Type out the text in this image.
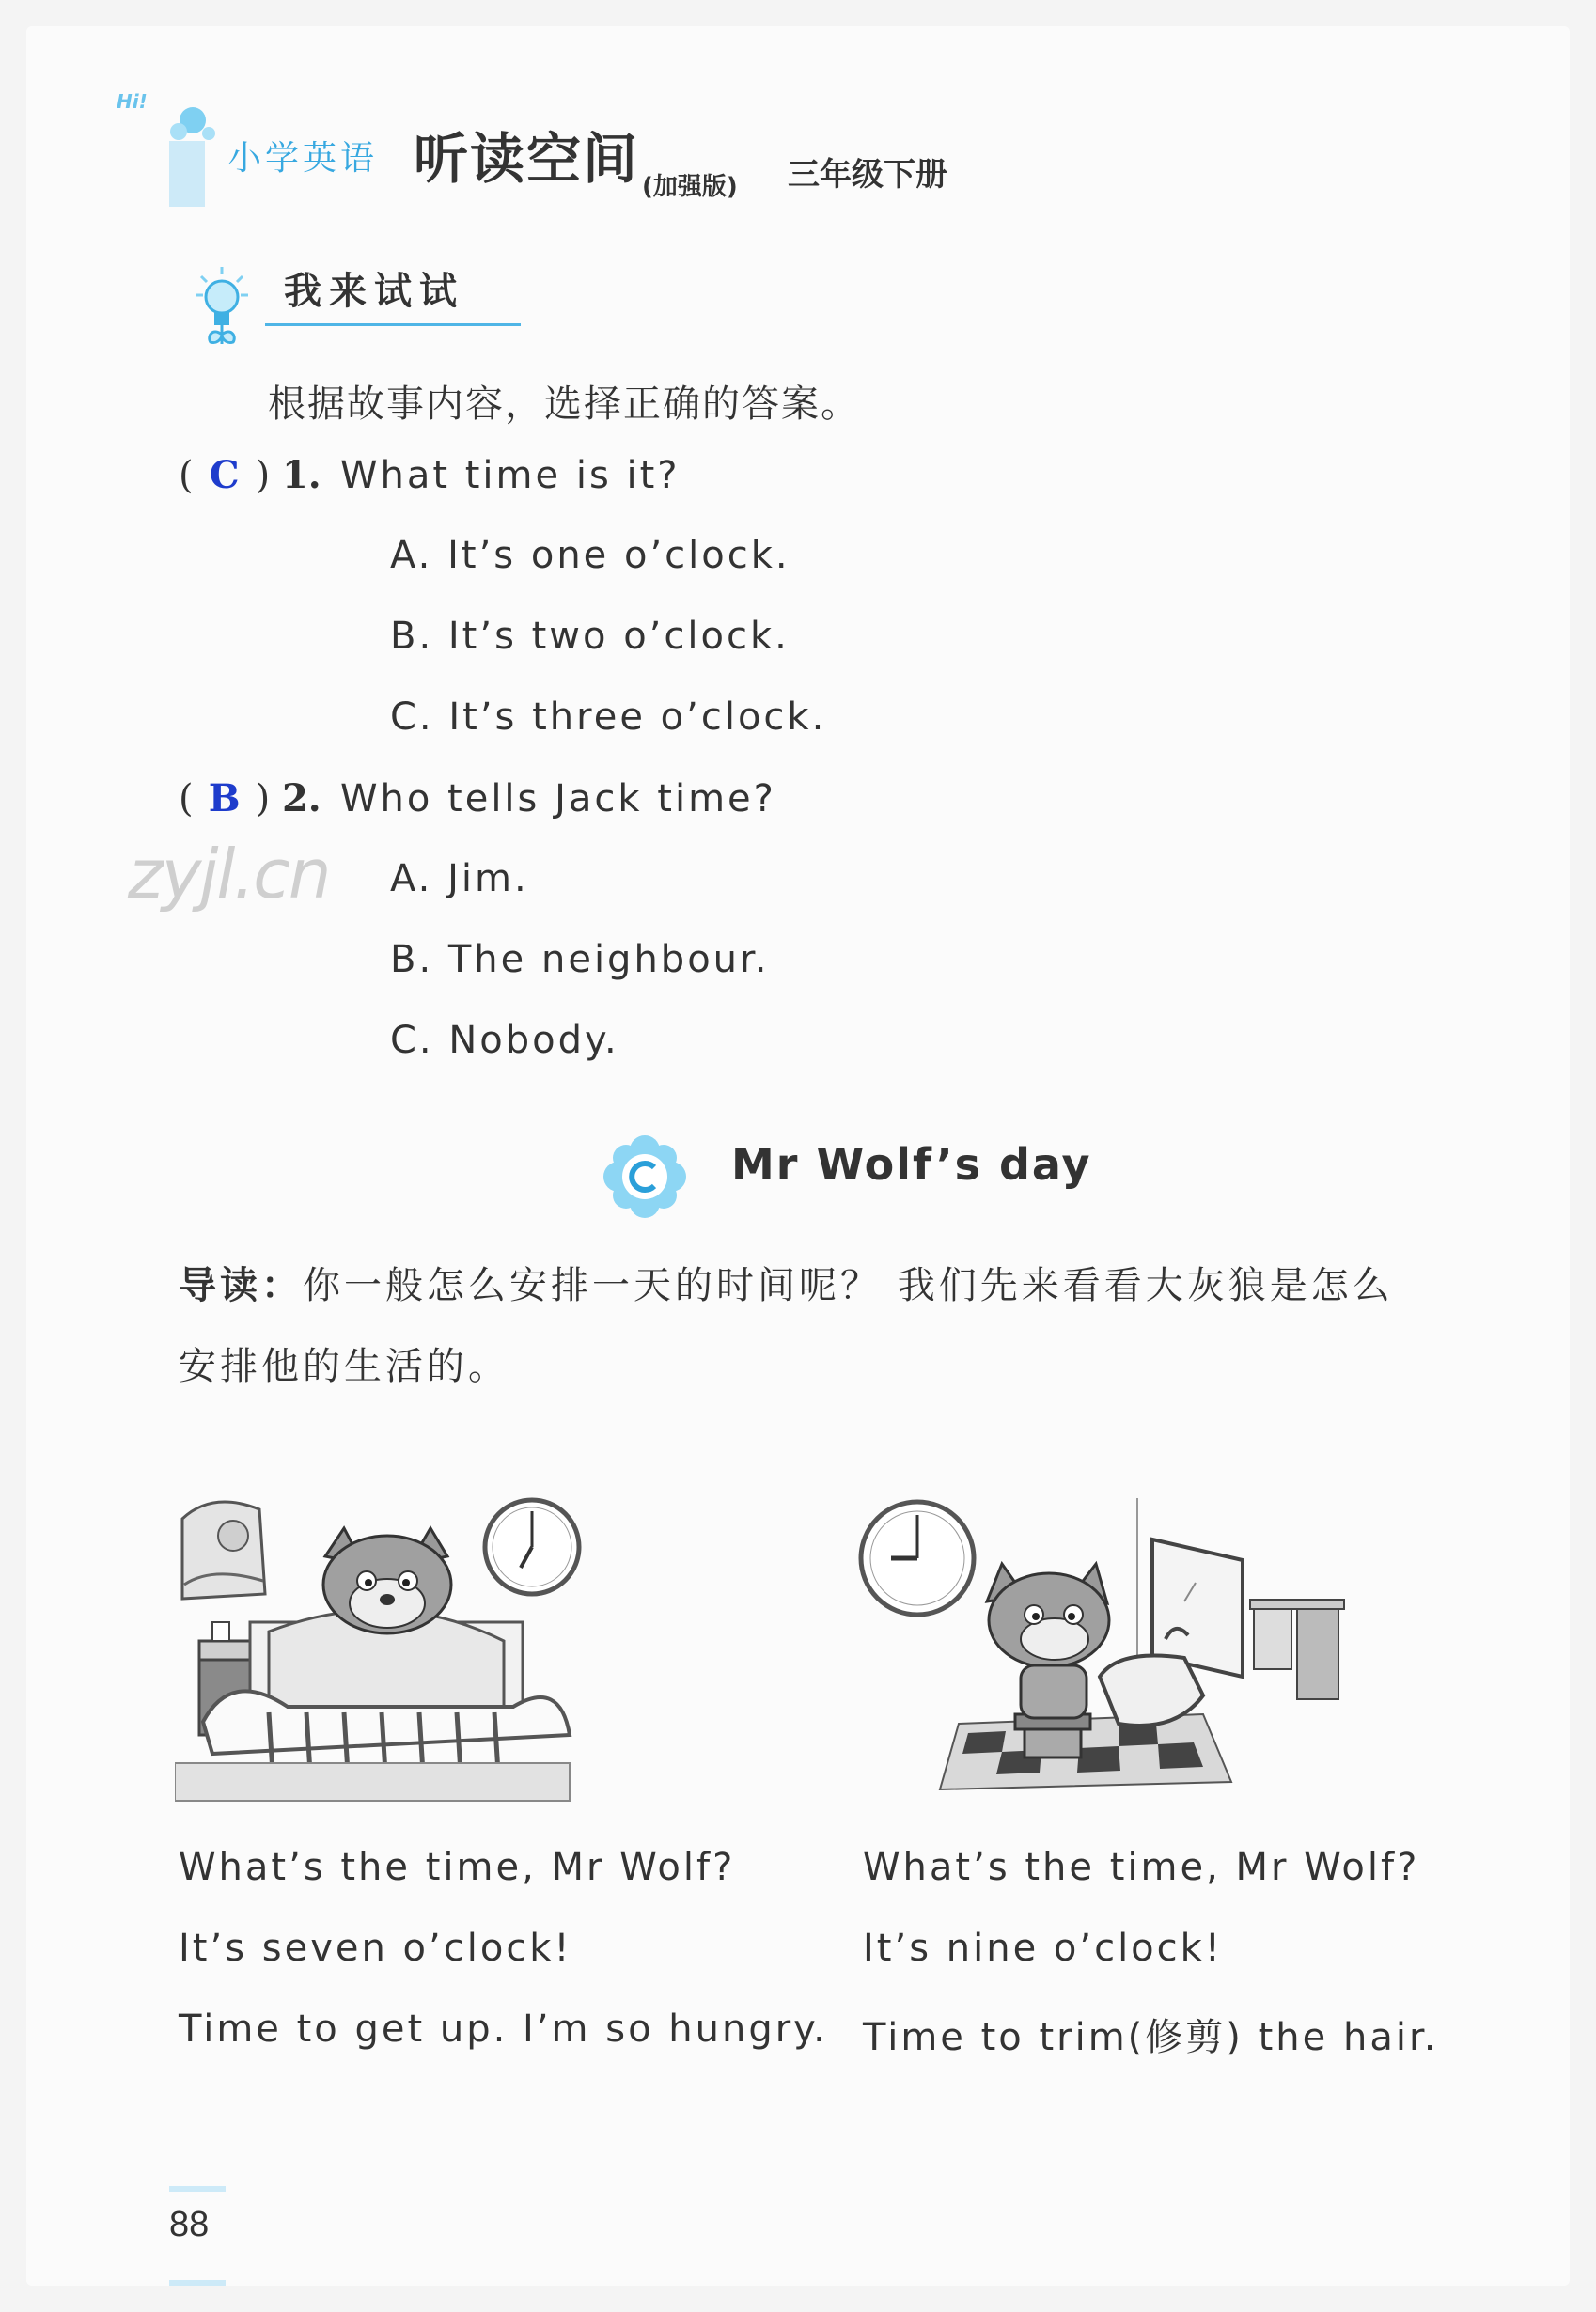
Hi!
小学英语 听读空间 (加强版) 三年级下册
我来试试
根据故事内容，选择正确的答案。
( C ) 1. What time is it?
A. It’s one o’clock.
B. It’s two o’clock.
C. It’s three o’clock.
( B ) 2. Who tells Jack time?
A. Jim.
B. The neighbour.
C. Nobody.
zyjl.cn
Mr Wolf’s day
导读：你一般怎么安排一天的时间呢？ 我们先来看看大灰狼是怎么
安排他的生活的。
What’s the time, Mr Wolf?
It’s seven o’clock!
Time to get up. I’m so hungry.
What’s the time, Mr Wolf?
It’s nine o’clock!
Time to trim(修剪) the hair.
88
